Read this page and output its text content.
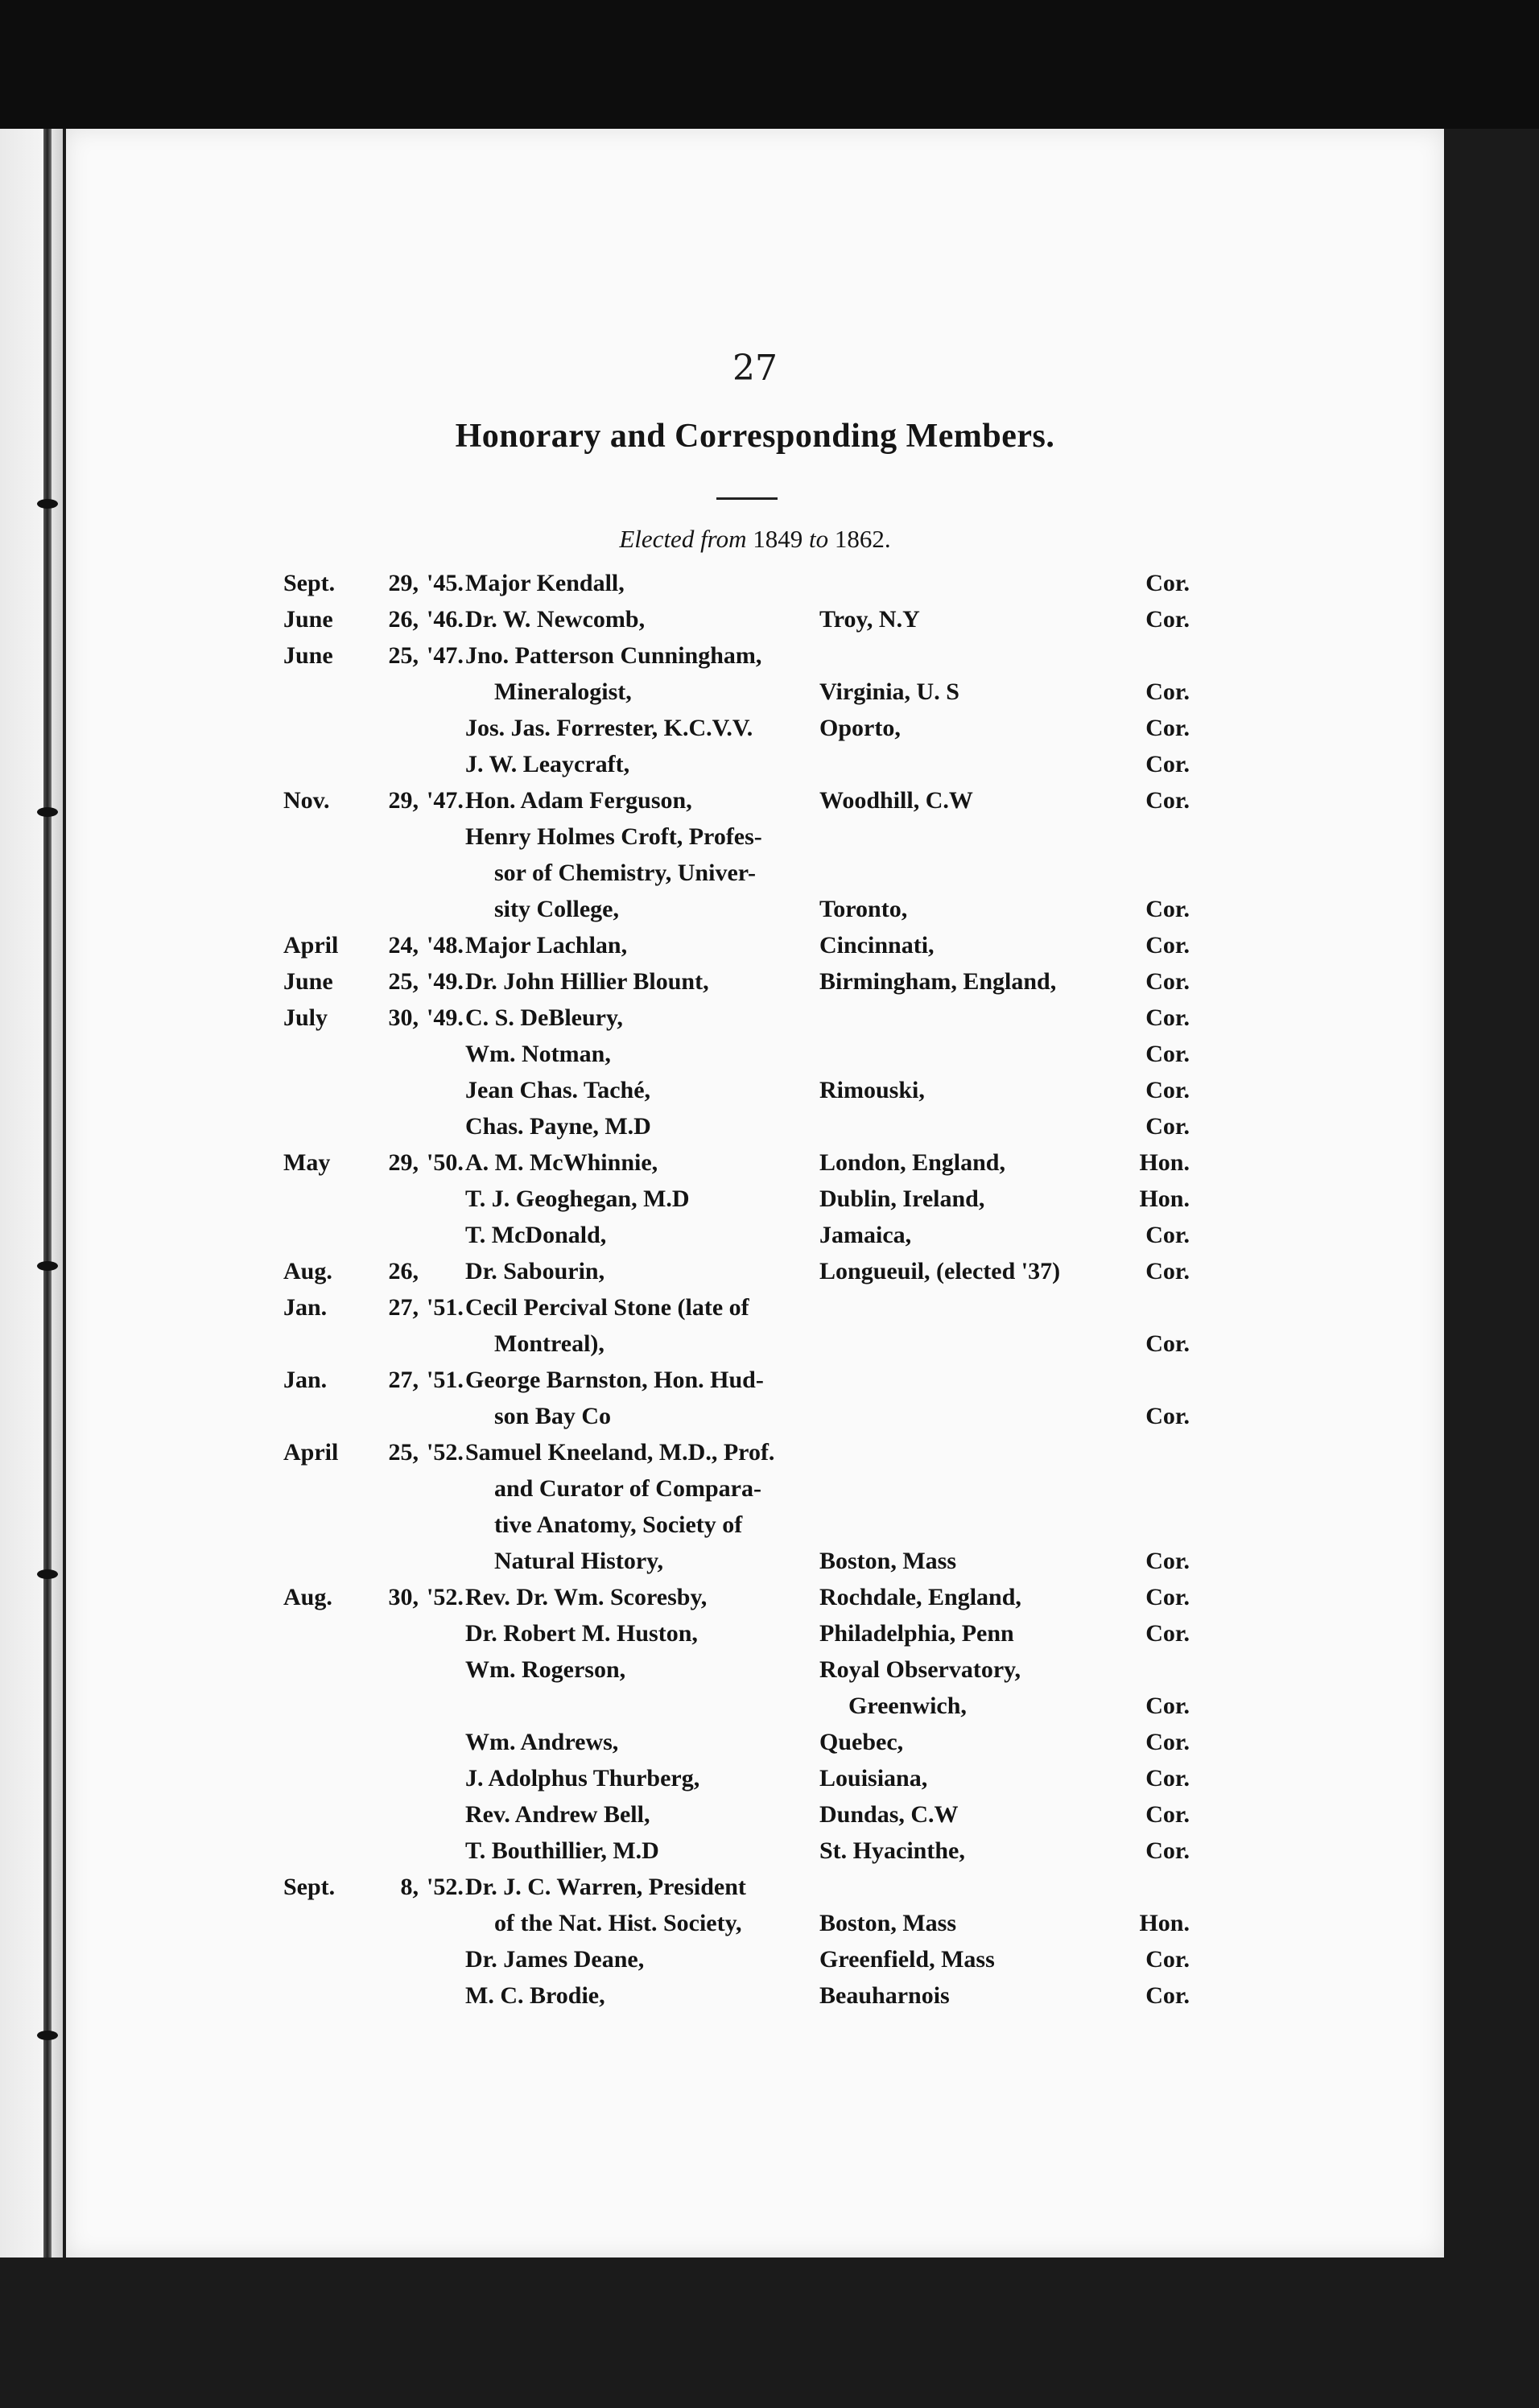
27
Honorary and Corresponding Members.
Elected from 1849 to 1862.
Sept.	29, '45. Major Kendall,	Cor.
June	26, '46. Dr. W. Newcomb,	Troy, N.Y	Cor.
June	25, '47. Jno. Patterson Cunningham,
Mineralogist,	Virginia, U. S	Cor.
Jos. Jas. Forrester, K.C.V.V.	Oporto,	Cor.
J. W. Leaycraft,	Cor.
Nov.	29, '47. Hon. Adam Ferguson,	Woodhill, C.W	Cor.
Henry Holmes Croft, Profes-
sor of Chemistry, Univer-
sity College,	Toronto,	Cor.
April	24, '48. Major Lachlan,	Cincinnati,	Cor.
June	25, '49. Dr. John Hillier Blount,	Birmingham, England,	Cor.
July	30, '49. C. S. DeBleury,	Cor.
Wm. Notman,	Cor.
Jean Chas. Taché,	Rimouski,	Cor.
Chas. Payne, M.D	Cor.
May	29, '50. A. M. McWhinnie,	London, England,	Hon.
T. J. Geoghegan, M.D	Dublin, Ireland,	Hon.
T. McDonald,	Jamaica,	Cor.
Aug.	26,	Dr. Sabourin,	Longueuil, (elected '37)	Cor.
Jan.	27, '51. Cecil Percival Stone (late of
Montreal),	Cor.
Jan.	27, '51. George Barnston, Hon. Hud-
son Bay Co	Cor.
April	25, '52. Samuel Kneeland, M.D., Prof.
and Curator of Compara-
tive Anatomy, Society of
Natural History,	Boston, Mass	Cor.
Aug.	30, '52. Rev. Dr. Wm. Scoresby,	Rochdale, England,	Cor.
Dr. Robert M. Huston,	Philadelphia, Penn	Cor.
Wm. Rogerson,	Royal Observatory,
Greenwich,	Cor.
Wm. Andrews,	Quebec,	Cor.
J. Adolphus Thurberg,	Louisiana,	Cor.
Rev. Andrew Bell,	Dundas, C.W	Cor.
T. Bouthillier, M.D	St. Hyacinthe,	Cor.
Sept.	8, '52. Dr. J. C. Warren, President
of the Nat. Hist. Society,	Boston, Mass	Hon.
Dr. James Deane,	Greenfield, Mass	Cor.
M. C. Brodie,	Beauharnois	Cor.
